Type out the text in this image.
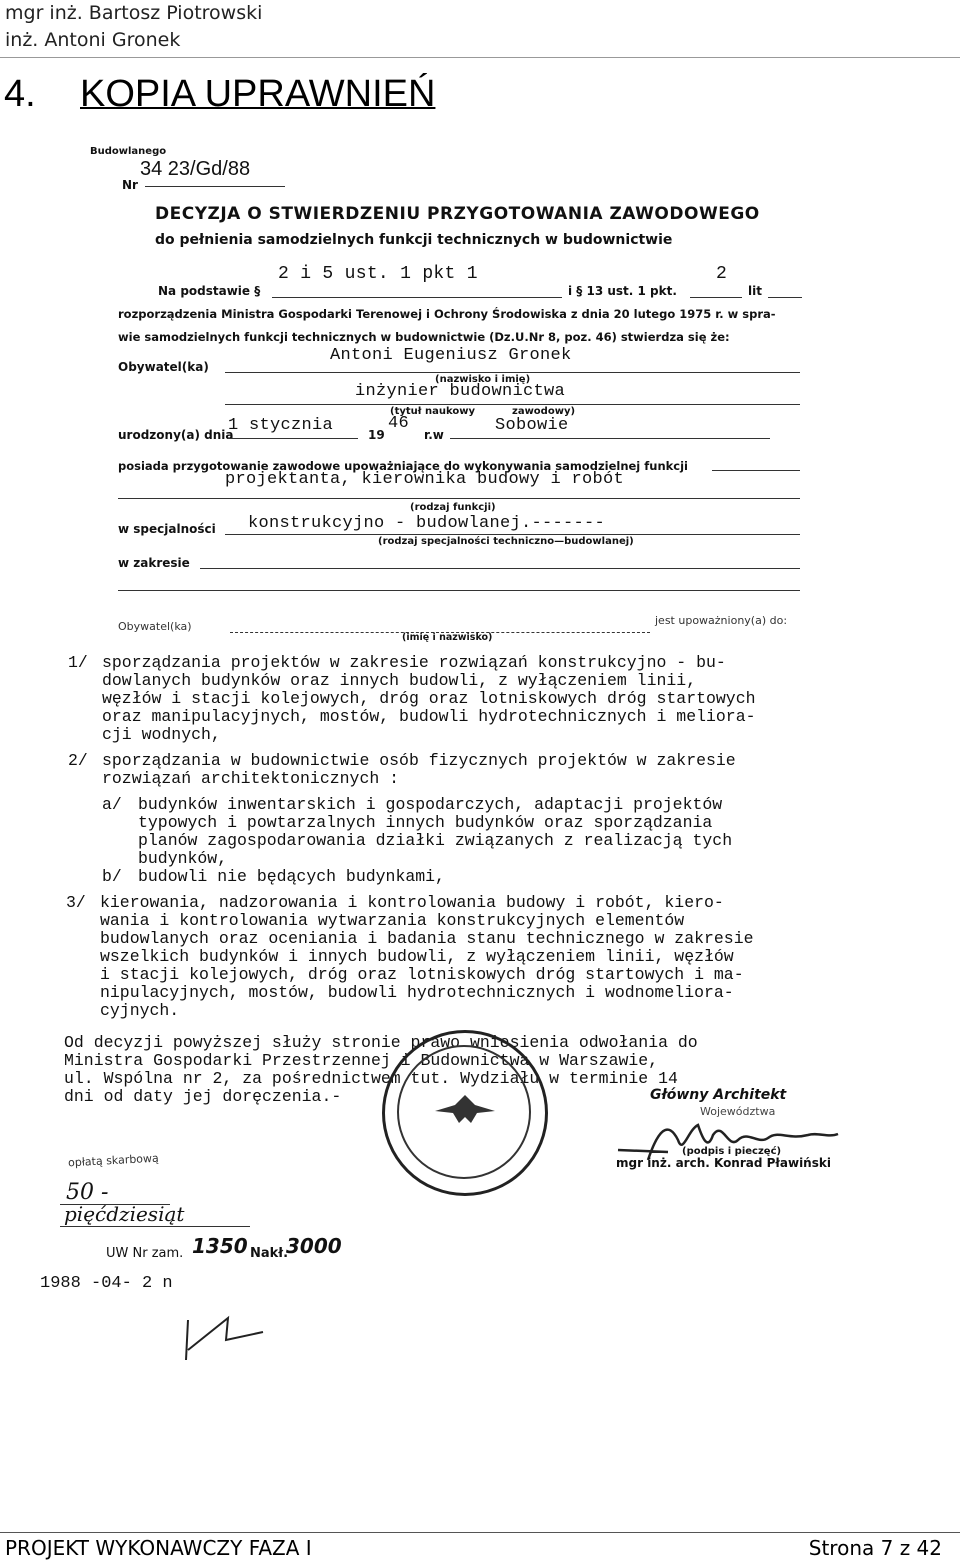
mgr inż. Bartosz Piotrowski
inż. Antoni Gronek
4. KOPIA UPRAWNIEŃ
Budowlanego
Nr
34 23/Gd/88
DECYZJA O STWIERDZENIU PRZYGOTOWANIA ZAWODOWEGO
do pełnienia samodzielnych funkcji technicznych w budownictwie
2 i 5 ust. 1 pkt 1	2
Na podstawie §	i § 13 ust. 1 pkt.	lit
rozporządzenia Ministra Gospodarki Terenowej i Ochrony Środowiska z dnia 20 lutego 1975 r. w spra-
wie samodzielnych funkcji technicznych w budownictwie (Dz.U.Nr 8, poz. 46) stwierdza się że:
Antoni Eugeniusz Gronek
Obywatel(ka)
(nazwisko i imię)
inżynier budownictwa
(tytuł naukowy	zawodowy)
urodzony(a) dnia
1 stycznia	19
46
r.w	Sobowie
posiada przygotowanie zawodowe upoważniające do wykonywania samodzielnej funkcji
projektanta, kierownika budowy i robót
(rodzaj funkcji)
w specjalności konstrukcyjno - budowlanej.-------
(rodzaj specjalności techniczno—budowlanej)
w zakresie
Obywatel(ka)	jest upoważniony(a) do:
(imię i nazwisko)
1/ sporządzania projektów w zakresie rozwiązań konstrukcyjno - bu-
dowlanych budynków oraz innych budowli, z wyłączeniem linii,
węzłów i stacji kolejowych, dróg oraz lotniskowych dróg startowych
oraz manipulacyjnych, mostów, budowli hydrotechnicznych i meliora-
cji wodnych,
2/ sporządzania w budownictwie osób fizycznych projektów w zakresie
rozwiązań architektonicznych :
a/ budynków inwentarskich i gospodarczych, adaptacji projektów
typowych i powtarzalnych innych budynków oraz sporządzania
planów zagospodarowania działki związanych z realizacją tych
budynków,
b/ budowli nie będących budynkami,
3/ kierowania, nadzorowania i kontrolowania budowy i robót, kiero-
wania i kontrolowania wytwarzania konstrukcyjnych elementów
budowlanych oraz oceniania i badania stanu technicznego w zakresie
wszelkich budynków i innych budowli, z wyłączeniem linii, węzłów
i stacji kolejowych, dróg oraz lotniskowych dróg startowych i ma-
nipulacyjnych, mostów, budowli hydrotechnicznych i wodnomeliora-
cyjnych.
Od decyzji powyższej służy stronie prawo wniesienia odwołania do
Ministra Gospodarki Przestrzennej i Budownictwa w Warszawie,
ul. Wspólna nr 2, za pośrednictwem tut. Wydziału w terminie 14
dni od daty jej doręczenia.-	Główny Architekt
Województwa

(podpis i pieczęć)
mgr inż. arch. Konrad Pławiński
opłatą skarbową
50 -
pięćdziesiąt
UW Nr zam. 1350 Nakł.
3000
1988 -04- 2 n

PROJEKT WYKONAWCZY FAZA I	Strona 7 z 42
